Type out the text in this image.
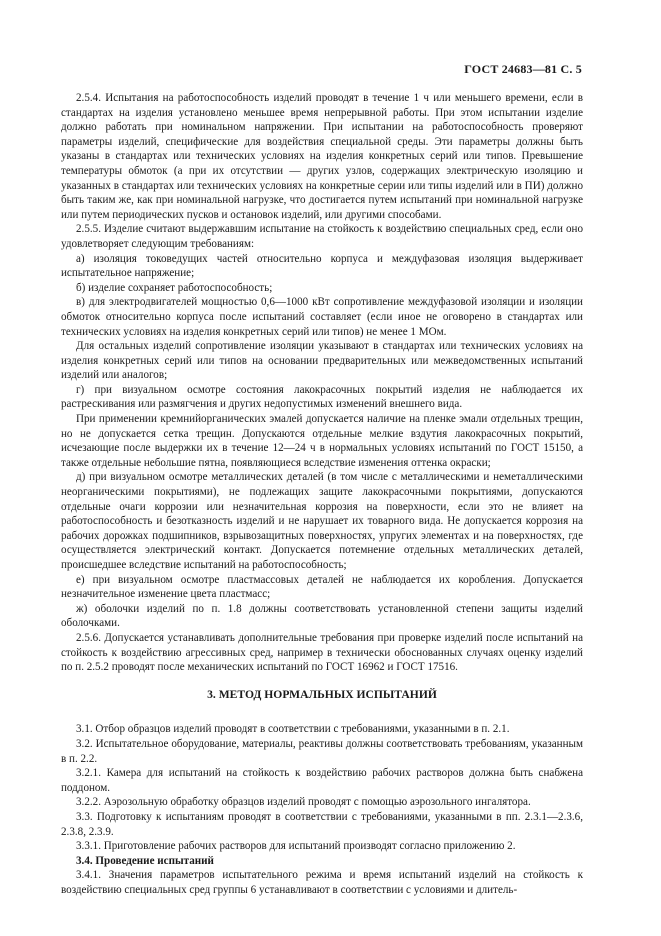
ГОСТ 24683—81 С. 5

2.5.4. Испытания на работоспособность изделий проводят в течение 1 ч или меньшего времени, если в стандартах на изделия установлено меньшее время непрерывной работы. При этом испытании изделие должно работать при номинальном напряжении. При испытании на работоспособность проверяют параметры изделий, специфические для воздействия специальной среды. Эти параметры должны быть указаны в стандартах или технических условиях на изделия конкретных серий или типов. Превышение температуры обмоток (а при их отсутствии — других узлов, содержащих электрическую изоляцию и указанных в стандартах или технических условиях на конкретные серии или типы изделий или в ПИ) должно быть таким же, как при номинальной нагрузке, что достигается путем испытаний при номинальной нагрузке или путем периодических пусков и остановок изделий, или другими способами.

2.5.5. Изделие считают выдержавшим испытание на стойкость к воздействию специальных сред, если оно удовлетворяет следующим требованиям:

а) изоляция токоведущих частей относительно корпуса и междуфазовая изоляция выдерживает испытательное напряжение;

б) изделие сохраняет работоспособность;

в) для электродвигателей мощностью 0,6—1000 кВт сопротивление междуфазовой изоляции и изоляции обмоток относительно корпуса после испытаний составляет (если иное не оговорено в стандартах или технических условиях на изделия конкретных серий или типов) не менее 1 МОм.

Для остальных изделий сопротивление изоляции указывают в стандартах или технических условиях на изделия конкретных серий или типов на основании предварительных или межведомственных испытаний изделий или аналогов;

г) при визуальном осмотре состояния лакокрасочных покрытий изделия не наблюдается их растрескивания или размягчения и других недопустимых изменений внешнего вида.

При применении кремнийорганических эмалей допускается наличие на пленке эмали отдельных трещин, но не допускается сетка трещин. Допускаются отдельные мелкие вздутия лакокрасочных покрытий, исчезающие после выдержки их в течение 12—24 ч в нормальных условиях испытаний по ГОСТ 15150, а также отдельные небольшие пятна, появляющиеся вследствие изменения оттенка окраски;

д) при визуальном осмотре металлических деталей (в том числе с металлическими и неметаллическими неорганическими покрытиями), не подлежащих защите лакокрасочными покрытиями, допускаются отдельные очаги коррозии или незначительная коррозия на поверхности, если это не влияет на работоспособность и безотказность изделий и не нарушает их товарного вида. Не допускается коррозия на рабочих дорожках подшипников, взрывозащитных поверхностях, упругих элементах и на поверхностях, где осуществляется электрический контакт. Допускается потемнение отдельных металлических деталей, происшедшее вследствие испытаний на работоспособность;

е) при визуальном осмотре пластмассовых деталей не наблюдается их коробления. Допускается незначительное изменение цвета пластмасс;

ж) оболочки изделий по п. 1.8 должны соответствовать установленной степени защиты изделий оболочками.

2.5.6. Допускается устанавливать дополнительные требования при проверке изделий после испытаний на стойкость к воздействию агрессивных сред, например в технически обоснованных случаях оценку изделий по п. 2.5.2 проводят после механических испытаний по ГОСТ 16962 и ГОСТ 17516.

3. МЕТОД НОРМАЛЬНЫХ ИСПЫТАНИЙ

3.1. Отбор образцов изделий проводят в соответствии с требованиями, указанными в п. 2.1.

3.2. Испытательное оборудование, материалы, реактивы должны соответствовать требованиям, указанным в п. 2.2.

3.2.1. Камера для испытаний на стойкость к воздействию рабочих растворов должна быть снабжена поддоном.

3.2.2. Аэрозольную обработку образцов изделий проводят с помощью аэрозольного ингалятора.

3.3. Подготовку к испытаниям проводят в соответствии с требованиями, указанными в пп. 2.3.1—2.3.6, 2.3.8, 2.3.9.

3.3.1. Приготовление рабочих растворов для испытаний производят согласно приложению 2.

3.4. Проведение испытаний

3.4.1. Значения параметров испытательного режима и время испытаний изделий на стойкость к воздействию специальных сред группы 6 устанавливают в соответствии с условиями и длитель-
